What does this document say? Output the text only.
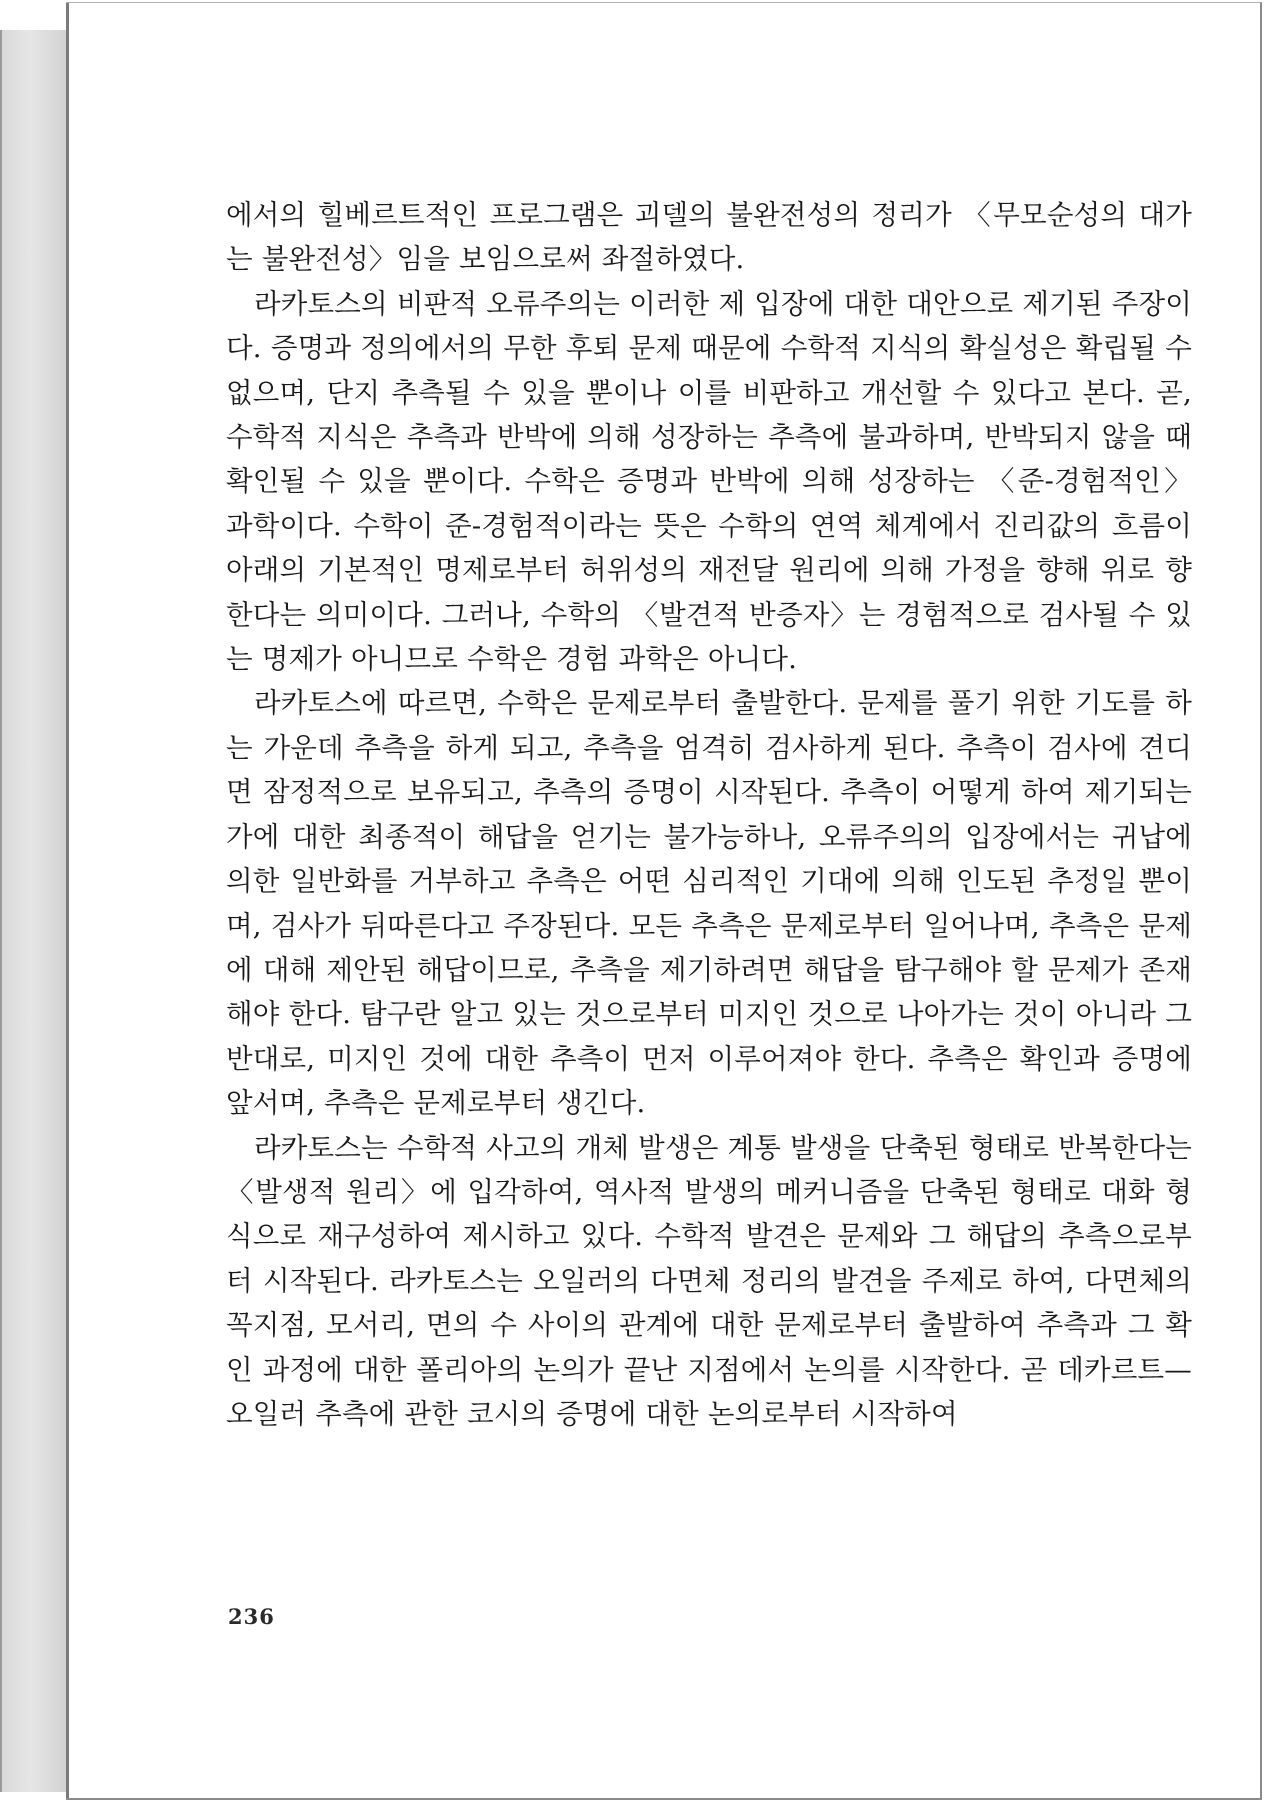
에서의 힐베르트적인 프로그램은 괴델의 불완전성의 정리가 〈무모순성의 대가는 불완전성〉임을 보임으로써 좌절하였다.

라카토스의 비판적 오류주의는 이러한 제 입장에 대한 대안으로 제기된 주장이다. 증명과 정의에서의 무한 후퇴 문제 때문에 수학적 지식의 확실성은 확립될 수 없으며, 단지 추측될 수 있을 뿐이나 이를 비판하고 개선할 수 있다고 본다. 곧, 수학적 지식은 추측과 반박에 의해 성장하는 추측에 불과하며, 반박되지 않을 때 확인될 수 있을 뿐이다. 수학은 증명과 반박에 의해 성장하는 〈준-경험적인〉 과학이다. 수학이 준-경험적이라는 뜻은 수학의 연역 체계에서 진리값의 흐름이 아래의 기본적인 명제로부터 허위성의 재전달 원리에 의해 가정을 향해 위로 향한다는 의미이다. 그러나, 수학의 〈발견적 반증자〉는 경험적으로 검사될 수 있는 명제가 아니므로 수학은 경험 과학은 아니다.

라카토스에 따르면, 수학은 문제로부터 출발한다. 문제를 풀기 위한 기도를 하는 가운데 추측을 하게 되고, 추측을 엄격히 검사하게 된다. 추측이 검사에 견디면 잠정적으로 보유되고, 추측의 증명이 시작된다. 추측이 어떻게 하여 제기되는가에 대한 최종적이 해답을 얻기는 불가능하나, 오류주의의 입장에서는 귀납에 의한 일반화를 거부하고 추측은 어떤 심리적인 기대에 의해 인도된 추정일 뿐이며, 검사가 뒤따른다고 주장된다. 모든 추측은 문제로부터 일어나며, 추측은 문제에 대해 제안된 해답이므로, 추측을 제기하려면 해답을 탐구해야 할 문제가 존재해야 한다. 탐구란 알고 있는 것으로부터 미지인 것으로 나아가는 것이 아니라 그 반대로, 미지인 것에 대한 추측이 먼저 이루어져야 한다. 추측은 확인과 증명에 앞서며, 추측은 문제로부터 생긴다.

라카토스는 수학적 사고의 개체 발생은 계통 발생을 단축된 형태로 반복한다는 〈발생적 원리〉에 입각하여, 역사적 발생의 메커니즘을 단축된 형태로 대화 형식으로 재구성하여 제시하고 있다. 수학적 발견은 문제와 그 해답의 추측으로부터 시작된다. 라카토스는 오일러의 다면체 정리의 발견을 주제로 하여, 다면체의 꼭지점, 모서리, 면의 수 사이의 관계에 대한 문제로부터 출발하여 추측과 그 확인 과정에 대한 폴리아의 논의가 끝난 지점에서 논의를 시작한다. 곧 데카르트—오일러 추측에 관한 코시의 증명에 대한 논의로부터 시작하여

236
